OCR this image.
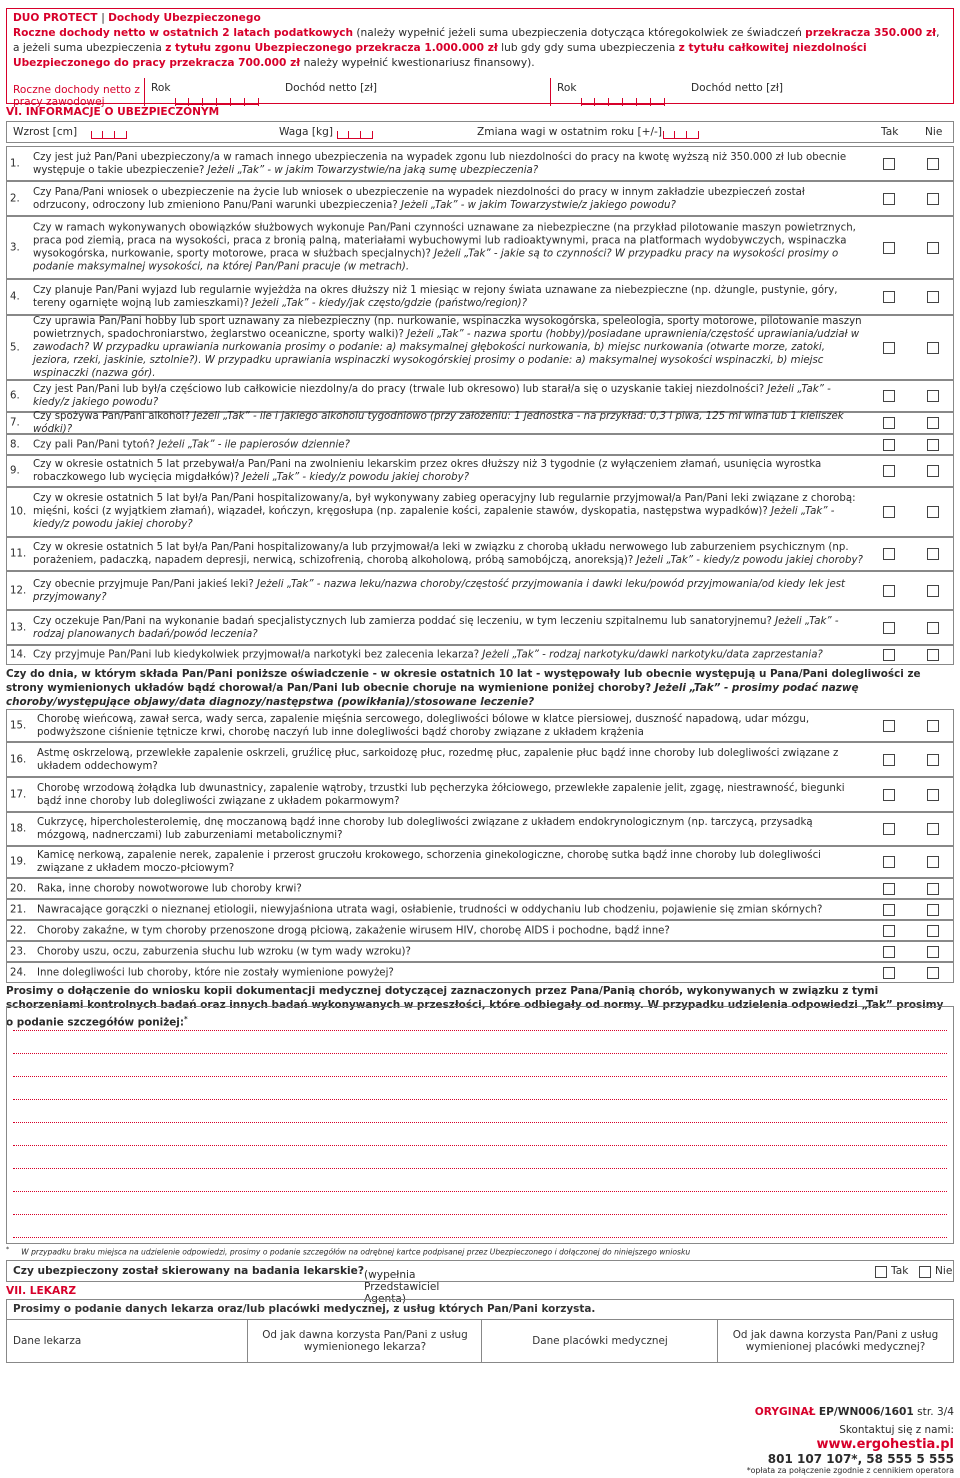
DUO PROTECT | Dochody Ubezpieczonego
Roczne dochody netto w ostatnich 2 latach podatkowych (należy wypełnić jeżeli suma ubezpieczenia dotycząca któregokolwiek ze świadczeń przekracza 350.000 zł, a jeżeli suma ubezpieczenia z tytułu zgonu Ubezpieczonego przekracza 1.000.000 zł lub gdy gdy suma ubezpieczenia z tytułu całkowitej niezdolności Ubezpieczonego do pracy przekracza 700.000 zł należy wypełnić kwestionariusz finansowy).
Roczne dochody netto z pracy zawodowej
Rok	Dochód netto [zł]	Rok	Dochód netto [zł]
VI. INFORMACJE O UBEZPIECZONYM
Wzrost [cm]	Waga [kg]	Zmiana wagi w ostatnim roku [+/-]	Tak	Nie
1.
Czy jest już Pan/Pani ubezpieczony/a w ramach innego ubezpieczenia na wypadek zgonu lub niezdolności do pracy na kwotę wyższą niż 350.000 zł lub obecnie występuje o takie ubezpieczenie? Jeżeli „Tak” - w jakim Towarzystwie/na jaką sumę ubezpieczenia?
2.
Czy Pana/Pani wniosek o ubezpieczenie na życie lub wniosek o ubezpieczenie na wypadek niezdolności do pracy w innym zakładzie ubezpieczeń został odrzucony, odroczony lub zmieniono Panu/Pani warunki ubezpieczenia? Jeżeli „Tak” - w jakim Towarzystwie/z jakiego powodu?
3.
Czy w ramach wykonywanych obowiązków służbowych wykonuje Pan/Pani czynności uznawane za niebezpieczne (na przykład pilotowanie maszyn powietrznych, praca pod ziemią, praca na wysokości, praca z bronią palną, materiałami wybuchowymi lub radioaktywnymi, praca na platformach wydobywczych, wspinaczka wysokogórska, nurkowanie, sporty motorowe, praca w służbach specjalnych)? Jeżeli „Tak” - jakie są to czynności? W przypadku pracy na wysokości prosimy o podanie maksymalnej wysokości, na której Pan/Pani pracuje (w metrach).
4.
Czy planuje Pan/Pani wyjazd lub regularnie wyjeżdża na okres dłuższy niż 1 miesiąc w rejony świata uznawane za niebezpieczne (np. dżungle, pustynie, góry, tereny ogarnięte wojną lub zamieszkami)? Jeżeli „Tak” - kiedy/jak często/gdzie (państwo/region)?
5.
Czy uprawia Pan/Pani hobby lub sport uznawany za niebezpieczny (np. nurkowanie, wspinaczka wysokogórska, speleologia, sporty motorowe, pilotowanie maszyn powietrznych, spadochroniarstwo, żeglarstwo oceaniczne, sporty walki)? Jeżeli „Tak” - nazwa sportu (hobby)/posiadane uprawnienia/częstość uprawiania/udział w zawodach? W przypadku uprawiania nurkowania prosimy o podanie: a) maksymalnej głębokości nurkowania, b) miejsc nurkowania (otwarte morze, zatoki, jeziora, rzeki, jaskinie, sztolnie?). W przypadku uprawiania wspinaczki wysokogórskiej prosimy o podanie: a) maksymalnej wysokości wspinaczki, b) miejsc wspinaczki (nazwa gór).
6.
Czy jest Pan/Pani lub był/a częściowo lub całkowicie niezdolny/a do pracy (trwale lub okresowo) lub starał/a się o uzyskanie takiej niezdolności? Jeżeli „Tak” - kiedy/z jakiego powodu?
7.
Czy spożywa Pan/Pani alkohol? Jeżeli „Tak” - ile i jakiego alkoholu tygodniowo (przy założeniu: 1 jednostka - na przykład: 0,3 l piwa, 125 ml wina lub 1 kieliszek wódki)?
8.	Czy pali Pan/Pani tytoń? Jeżeli „Tak” - ile papierosów dziennie?
9.
Czy w okresie ostatnich 5 lat przebywał/a Pan/Pani na zwolnieniu lekarskim przez okres dłuższy niż 3 tygodnie (z wyłączeniem złamań, usunięcia wyrostka robaczkowego lub wycięcia migdałków)? Jeżeli „Tak” - kiedy/z powodu jakiej choroby?
10.
Czy w okresie ostatnich 5 lat był/a Pan/Pani hospitalizowany/a, był wykonywany zabieg operacyjny lub regularnie przyjmował/a Pan/Pani leki związane z chorobą: mięśni, kości (z wyjątkiem złamań), wiązadeł, kończyn, kręgosłupa (np. zapalenie kości, zapalenie stawów, dyskopatia, następstwa wypadków)? Jeżeli „Tak” - kiedy/z powodu jakiej choroby?
11.
Czy w okresie ostatnich 5 lat był/a Pan/Pani hospitalizowany/a lub przyjmował/a leki w związku z chorobą układu nerwowego lub zaburzeniem psychicznym (np. porażeniem, padaczką, napadem depresji, nerwicą, schizofrenią, chorobą alkoholową, próbą samobójczą, anoreksją)? Jeżeli „Tak” - kiedy/z powodu jakiej choroby?
12.
Czy obecnie przyjmuje Pan/Pani jakieś leki? Jeżeli „Tak” - nazwa leku/nazwa choroby/częstość przyjmowania i dawki leku/powód przyjmowania/od kiedy lek jest przyjmowany?
13.
Czy oczekuje Pan/Pani na wykonanie badań specjalistycznych lub zamierza poddać się leczeniu, w tym leczeniu szpitalnemu lub sanatoryjnemu? Jeżeli „Tak” - rodzaj planowanych badań/powód leczenia?
14. Czy przyjmuje Pan/Pani lub kiedykolwiek przyjmował/a narkotyki bez zalecenia lekarza? Jeżeli „Tak” - rodzaj narkotyku/dawki narkotyku/data zaprzestania?
Czy do dnia, w którym składa Pan/Pani poniższe oświadczenie - w okresie ostatnich 10 lat - występowały lub obecnie występują u Pana/Pani dolegliwości ze strony wymienionych układów bądź chorował/a Pan/Pani lub obecnie choruje na wymienione poniżej choroby? Jeżeli „Tak” - prosimy podać nazwę choroby/występujące objawy/data diagnozy/następstwa (powikłania)/stosowane leczenie?
15.
Chorobę wieńcową, zawał serca, wady serca, zapalenie mięśnia sercowego, dolegliwości bólowe w klatce piersiowej, duszność napadową, udar mózgu, podwyższone ciśnienie tętnicze krwi, chorobę naczyń lub inne dolegliwości bądź choroby związane z układem krążenia
16.
Astmę oskrzelową, przewlekłe zapalenie oskrzeli, gruźlicę płuc, sarkoidozę płuc, rozedmę płuc, zapalenie płuc bądź inne choroby lub dolegliwości związane z układem oddechowym?
17.
Chorobę wrzodową żołądka lub dwunastnicy, zapalenie wątroby, trzustki lub pęcherzyka żółciowego, przewlekłe zapalenie jelit, zgagę, niestrawność, biegunki bądź inne choroby lub dolegliwości związane z układem pokarmowym?
18.
Cukrzycę, hipercholesterolemię, dnę moczanową bądź inne choroby lub dolegliwości związane z układem endokrynologicznym (np. tarczycą, przysadką mózgową, nadnerczami) lub zaburzeniami metabolicznymi?
19.
Kamicę nerkową, zapalenie nerek, zapalenie i przerost gruczołu krokowego, schorzenia ginekologiczne, chorobę sutka bądź inne choroby lub dolegliwości związane z układem moczo-płciowym?
20.	Raka, inne choroby nowotworowe lub choroby krwi?
21.	Nawracające gorączki o nieznanej etiologii, niewyjaśniona utrata wagi, osłabienie, trudności w oddychaniu lub chodzeniu, pojawienie się zmian skórnych?
22.	Choroby zakaźne, w tym choroby przenoszone drogą płciową, zakażenie wirusem HIV, chorobę AIDS i pochodne, bądź inne?
23.	Choroby uszu, oczu, zaburzenia słuchu lub wzroku (w tym wady wzroku)?
24.	Inne dolegliwości lub choroby, które nie zostały wymienione powyżej?
Prosimy o dołączenie do wniosku kopii dokumentacji medycznej dotyczącej zaznaczonych przez Pana/Panią chorób, wykonywanych w związku z tymi schorzeniami kontrolnych badań oraz innych badań wykonywanych w przeszłości, które odbiegały od normy. W przypadku udzielenia odpowiedzi „Tak” prosimy o podanie szczegółów poniżej:*
* W przypadku braku miejsca na udzielenie odpowiedzi, prosimy o podanie szczegółów na odrębnej kartce podpisanej przez Ubezpieczonego i dołączonej do niniejszego wniosku
Czy ubezpieczony został skierowany na badania lekarskie? (wypełnia Przedstawiciel Agenta)
Tak	Nie
VII. LEKARZ
Prosimy o podanie danych lekarza oraz/lub placówki medycznej, z usług których Pan/Pani korzysta.
Dane lekarza	Od jak dawna korzysta Pan/Pani z usług wymienionego lekarza?	Dane placówki medycznej	Od jak dawna korzysta Pan/Pani z usług wymienionej placówki medycznej?
ORYGINAŁ EP/WN006/1601 str. 3/4
Skontaktuj się z nami:
www.ergohestia.pl
801 107 107*, 58 555 5 555
*opłata za połączenie zgodnie z cennikiem operatora
